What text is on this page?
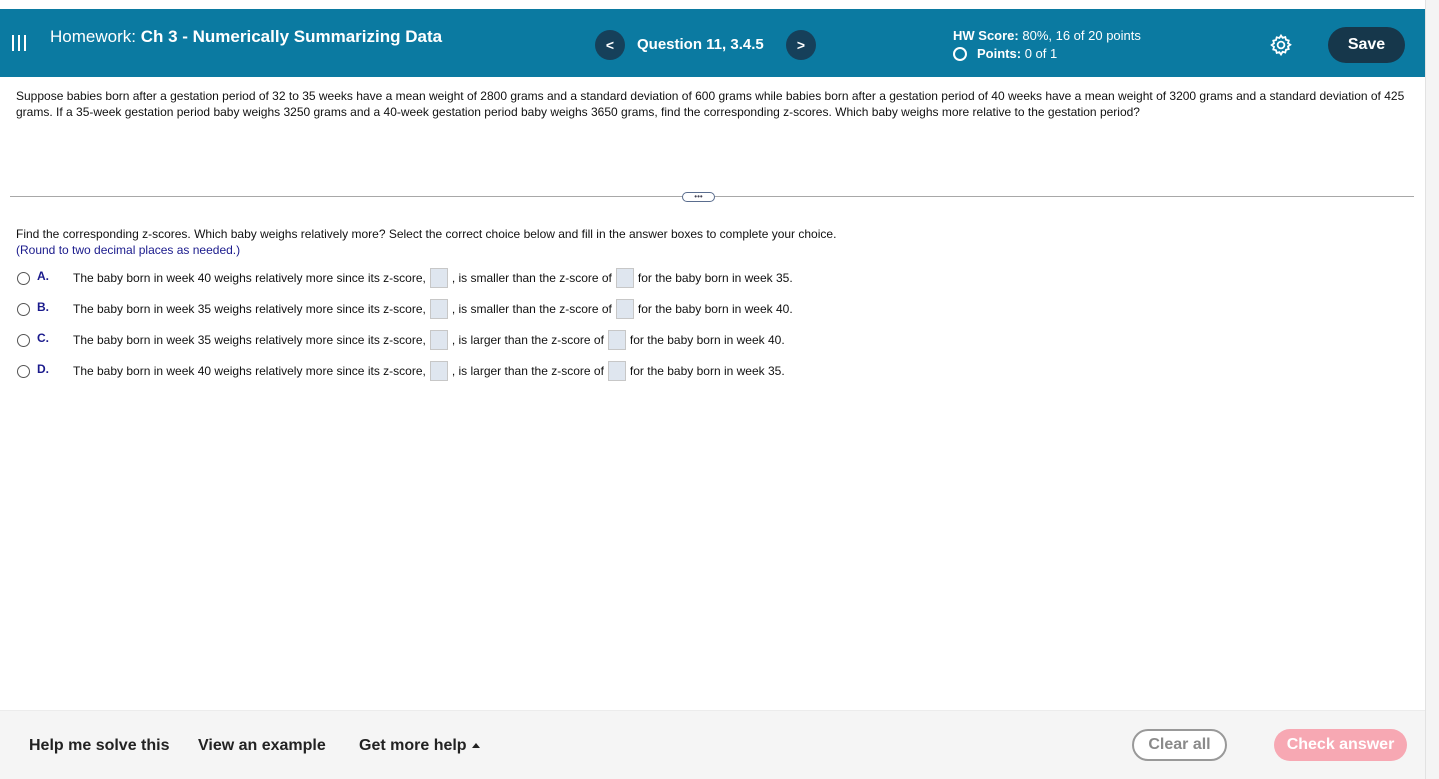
Homework: Ch 3 - Numerically Summarizing Data	<	Question 11, 3.4.5	>
HW Score: 80%, 16 of 20 points
Points:
0 of 1
Save
Suppose babies born after a gestation period of 32 to 35 weeks have a mean weight of 2800 grams and a standard deviation of 600 grams while babies born after a gestation period of 40 weeks have a mean weight of 3200 grams and a standard deviation of 425 grams. If a 35-week gestation period baby weighs 3250 grams and a 40-week gestation period baby weighs 3650 grams, find the corresponding z-scores. Which baby weighs more relative to the gestation period?
•••
Find the corresponding z-scores. Which baby weighs relatively more? Select the correct choice below and fill in the answer boxes to complete your choice.
(Round to two decimal places as needed.)
A.	The baby born in week 40 weighs relatively more since its z-score, , is smaller than the z-score of for the baby born in week 35.
B.	The baby born in week 35 weighs relatively more since its z-score, , is smaller than the z-score of for the baby born in week 40.
C.	The baby born in week 35 weighs relatively more since its z-score, , is larger than the z-score of for the baby born in week 40.
D.	The baby born in week 40 weighs relatively more since its z-score, , is larger than the z-score of for the baby born in week 35.
Help me solve this View an example Get more help	Clear all	Check answer
